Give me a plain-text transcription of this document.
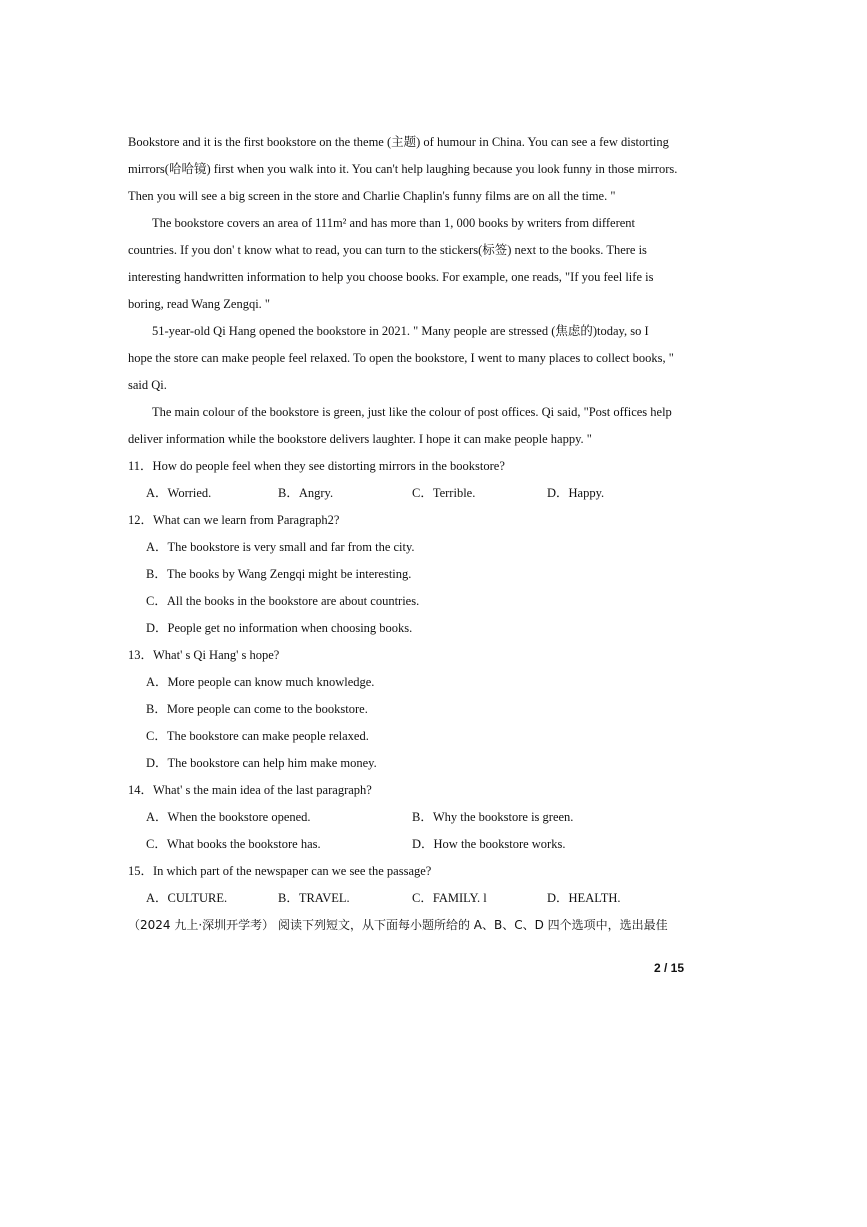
Bookstore and it is the first bookstore on the theme (主题) of humour in China. You can see a few distorting
mirrors(哈哈镜) first when you walk into it. You can't help laughing because you look funny in those mirrors.
Then you will see a big screen in the store and Charlie Chaplin's funny films are on all the time. "
The bookstore covers an area of 111m² and has more than 1, 000 books by writers from different
countries. If you don' t know what to read, you can turn to the stickers(标签) next to the books. There is
interesting handwritten information to help you choose books. For example, one reads, "If you feel life is
boring, read Wang Zengqi. "
51-year-old Qi Hang opened the bookstore in 2021. " Many people are stressed (焦虑的)today, so I
hope the store can make people feel relaxed. To open the bookstore, I went to many places to collect books, "
said Qi.
The main colour of the bookstore is green, just like the colour of post offices. Qi said, "Post offices help
deliver information while the bookstore delivers laughter. I hope it can make people happy. "
11．How do people feel when they see distorting mirrors in the bookstore?
A．Worried.	B．Angry.	C．Terrible.	D．Happy.
12．What can we learn from Paragraph2?
A．The bookstore is very small and far from the city.
B．The books by Wang Zengqi might be interesting.
C．All the books in the bookstore are about countries.
D．People get no information when choosing books.
13．What' s Qi Hang' s hope?
A．More people can know much knowledge.
B．More people can come to the bookstore.
C．The bookstore can make people relaxed.
D．The bookstore can help him make money.
14．What' s the main idea of the last paragraph?
A．When the bookstore opened.	B．Why the bookstore is green.
C．What books the bookstore has.	D．How the bookstore works.
15．In which part of the newspaper can we see the passage?
A．CULTURE.	B．TRAVEL.	C．FAMILY. l	D．HEALTH.
（2024 九上·深圳开学考） 阅读下列短文，从下面每小题所给的 A、B、C、D 四个选项中，选出最佳
2 / 15
